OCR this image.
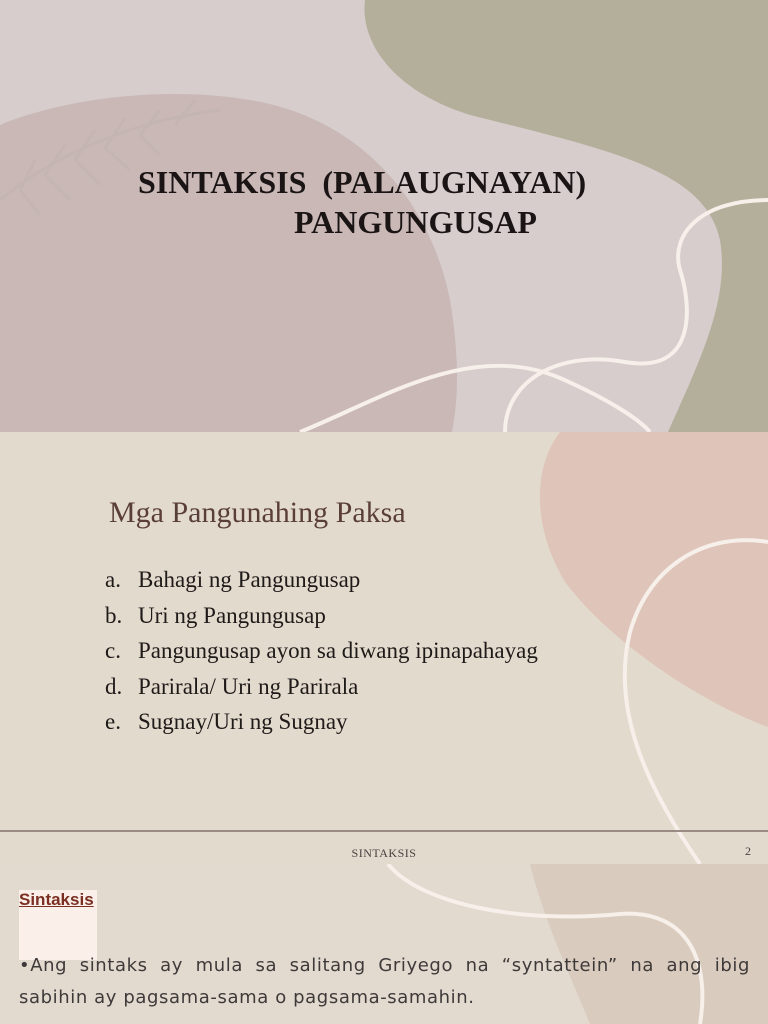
SINTAKSIS  (PALAUGNAYAN)
PANGUNGUSAP
Mga Pangunahing Paksa
a. Bahagi ng Pangungusap
b. Uri ng Pangungusap
c. Pangungusap ayon sa diwang ipinapahayag
d. Parirala/ Uri ng Parirala
e. Sugnay/Uri ng Sugnay
SINTAKSIS	2
Sintaksis
•Ang sintaks ay mula sa salitang Griyego na “syntattein” na ang ibig sabihin ay pagsama-sama o pagsama-samahin.
